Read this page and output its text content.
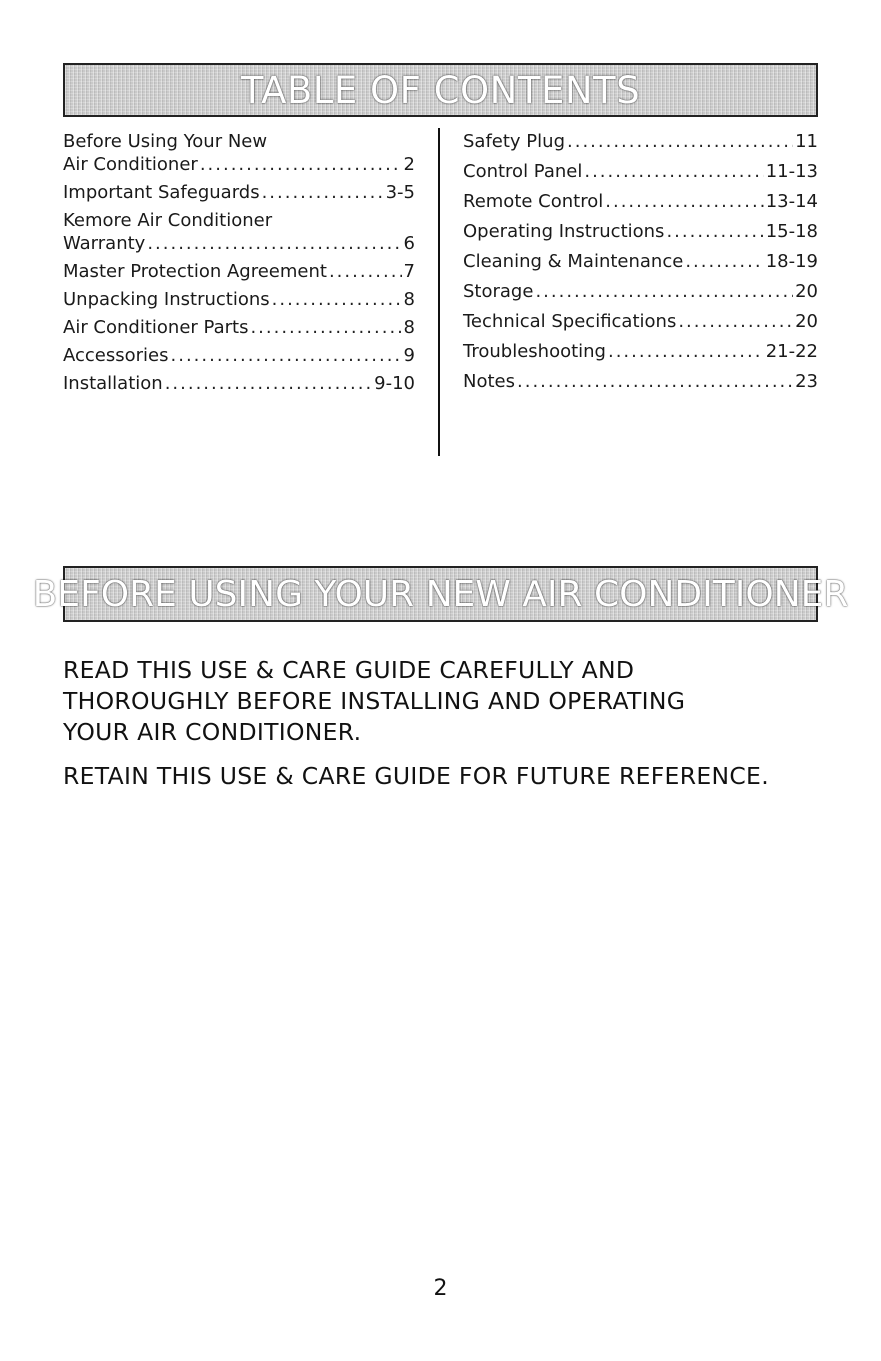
TABLE OF CONTENTS
Before Using Your New
Air Conditioner .....	2
Important Safeguards .....	3-5
Kemore Air Conditioner
Warranty .....	6
Master Protection Agreement .....	7
Unpacking Instructions .....	8
Air Conditioner Parts .....	8
Accessories .....	9
Installation .....	9-10
Safety Plug .....	11
Control Panel .....	11-13
Remote Control .....	13-14
Operating Instructions .....	15-18
Cleaning & Maintenance .....	18-19
Storage .....	20
Technical Specifications .....	20
Troubleshooting .....	21-22
Notes .....	23
BEFORE USING YOUR NEW AIR CONDITIONER

READ THIS USE & CARE GUIDE CAREFULLY AND
THOROUGHLY BEFORE INSTALLING AND OPERATING
YOUR AIR CONDITIONER.

RETAIN THIS USE & CARE GUIDE FOR FUTURE REFERENCE.

2
